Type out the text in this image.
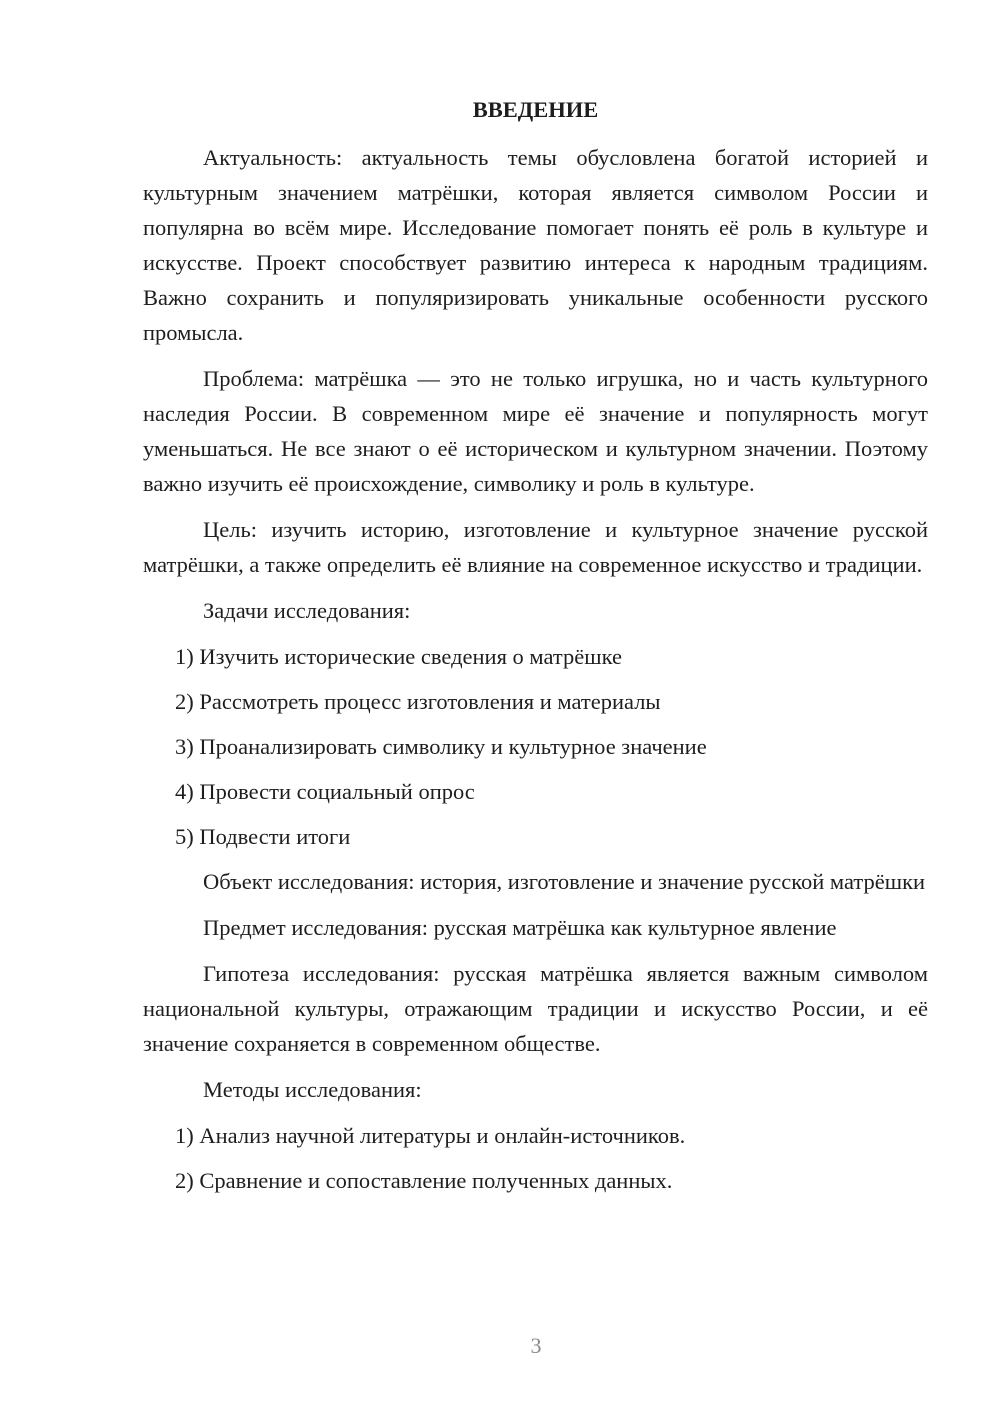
ВВЕДЕНИЕ

Актуальность: актуальность темы обусловлена богатой историей и культурным значением матрёшки, которая является символом России и популярна во всём мире. Исследование помогает понять её роль в культуре и искусстве. Проект способствует развитию интереса к народным традициям. Важно сохранить и популяризировать уникальные особенности русского промысла.

Проблема: матрёшка — это не только игрушка, но и часть культурного наследия России. В современном мире её значение и популярность могут уменьшаться. Не все знают о её историческом и культурном значении. Поэтому важно изучить её происхождение, символику и роль в культуре.

Цель: изучить историю, изготовление и культурное значение русской матрёшки, а также определить её влияние на современное искусство и традиции.

Задачи исследования:

1) Изучить исторические сведения о матрёшке
2) Рассмотреть процесс изготовления и материалы
3) Проанализировать символику и культурное значение
4) Провести социальный опрос
5) Подвести итоги

Объект исследования: история, изготовление и значение русской матрёшки

Предмет исследования: русская матрёшка как культурное явление

Гипотеза исследования: русская матрёшка является важным символом национальной культуры, отражающим традиции и искусство России, и её значение сохраняется в современном обществе.

Методы исследования:

1) Анализ научной литературы и онлайн-источников.
2) Сравнение и сопоставление полученных данных.
3
